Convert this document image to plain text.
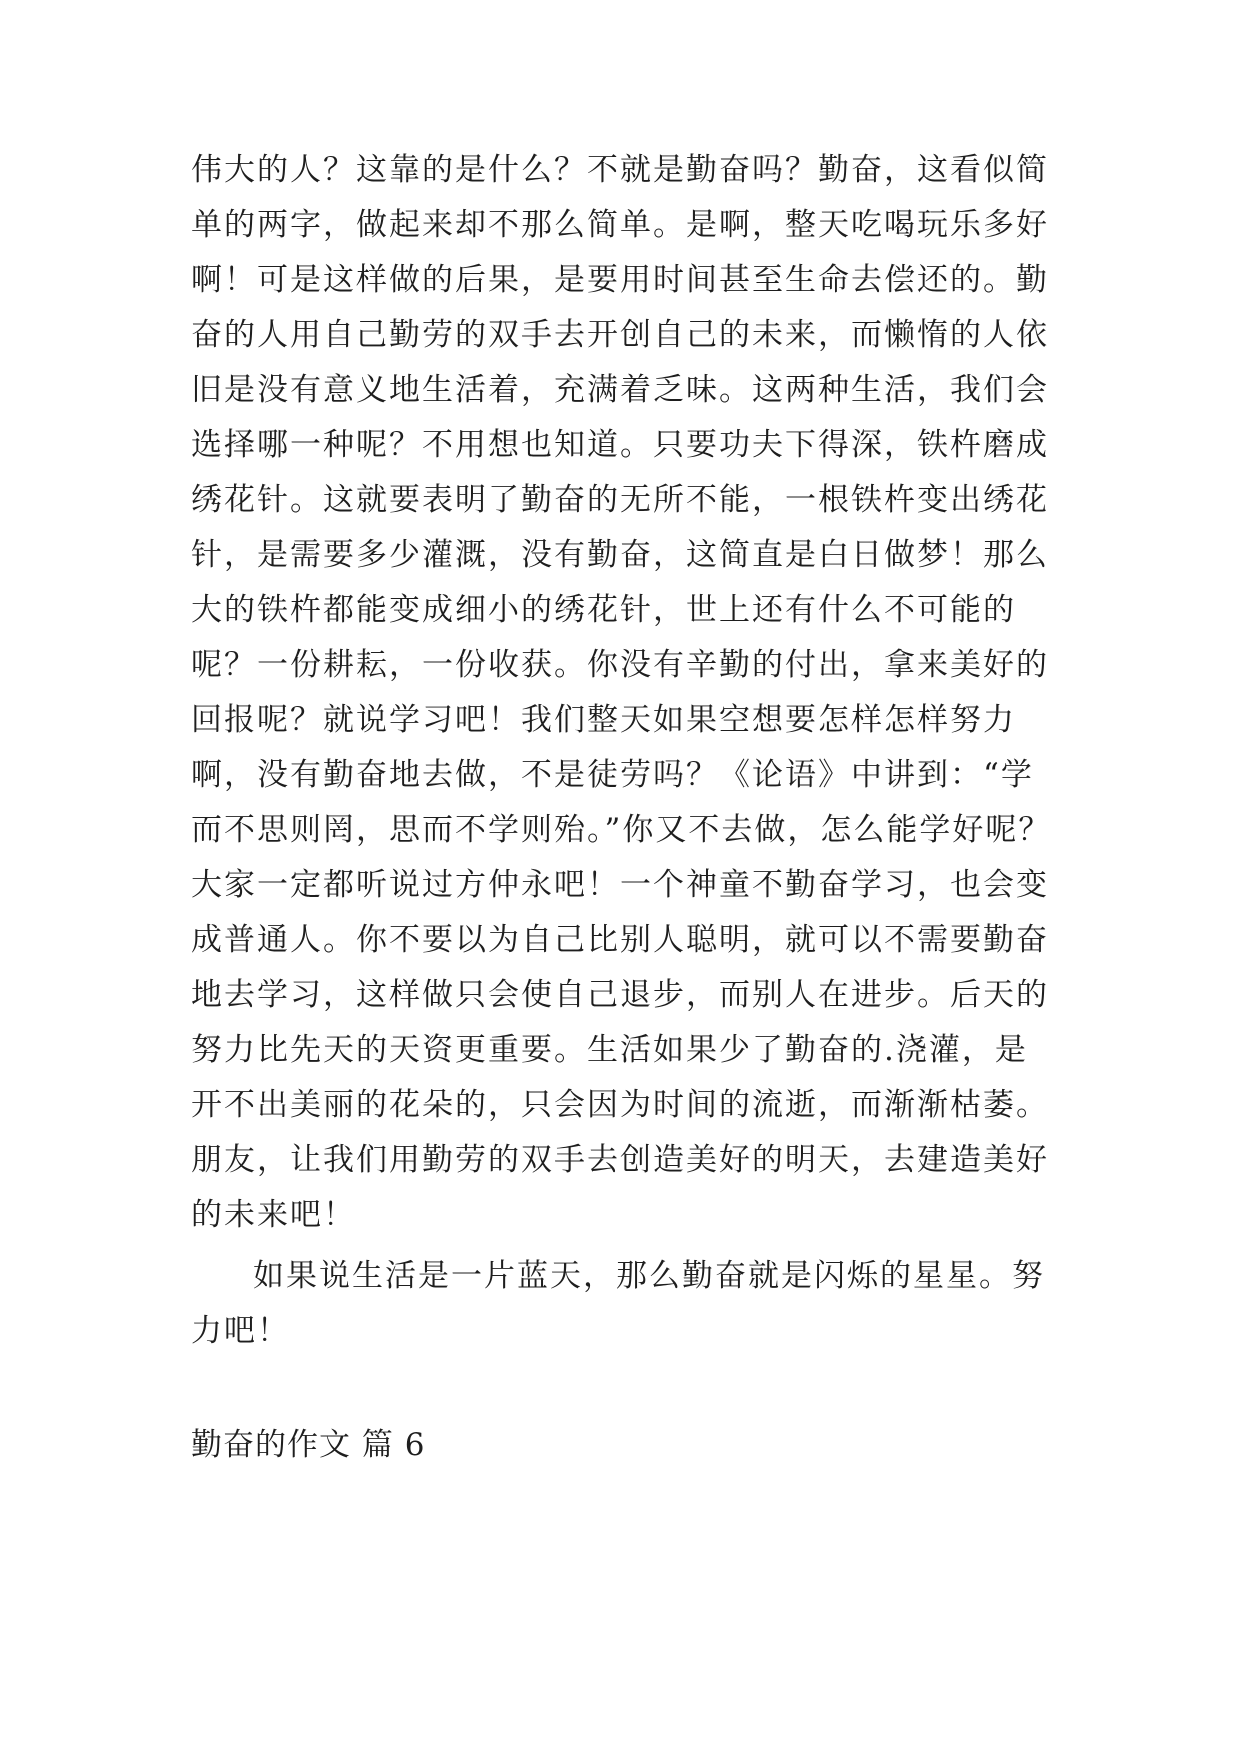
伟大的人？这靠的是什么？不就是勤奋吗？勤奋，这看似简
单的两字，做起来却不那么简单。是啊，整天吃喝玩乐多好
啊！可是这样做的后果，是要用时间甚至生命去偿还的。勤
奋的人用自己勤劳的双手去开创自己的未来，而懒惰的人依
旧是没有意义地生活着，充满着乏味。这两种生活，我们会
选择哪一种呢？不用想也知道。只要功夫下得深，铁杵磨成
绣花针。这就要表明了勤奋的无所不能，一根铁杵变出绣花
针，是需要多少灌溉，没有勤奋，这简直是白日做梦！那么
大的铁杵都能变成细小的绣花针，世上还有什么不可能的
呢？一份耕耘，一份收获。你没有辛勤的付出，拿来美好的
回报呢？就说学习吧！我们整天如果空想要怎样怎样努力
啊，没有勤奋地去做，不是徒劳吗？《论语》中讲到：“学
而不思则罔，思而不学则殆。”你又不去做，怎么能学好呢？
大家一定都听说过方仲永吧！一个神童不勤奋学习，也会变
成普通人。你不要以为自己比别人聪明，就可以不需要勤奋
地去学习，这样做只会使自己退步，而别人在进步。后天的
努力比先天的天资更重要。生活如果少了勤奋的.浇灌，是
开不出美丽的花朵的，只会因为时间的流逝，而渐渐枯萎。
朋友，让我们用勤劳的双手去创造美好的明天，去建造美好
的未来吧！
如果说生活是一片蓝天，那么勤奋就是闪烁的星星。努
力吧！
勤奋的作文 篇 6
